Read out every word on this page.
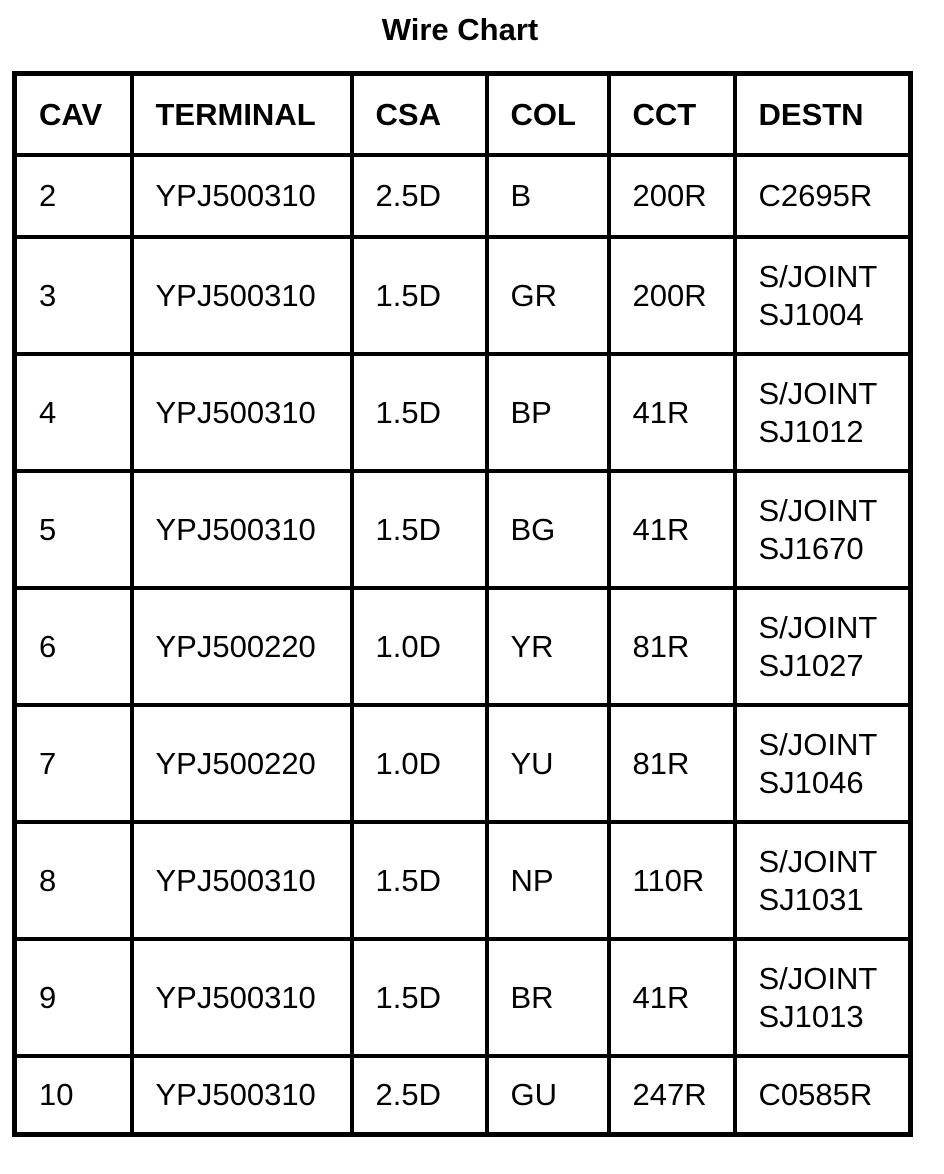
Wire Chart
CAV	TERMINAL	CSA	COL	CCT	DESTN
2	YPJ500310	2.5D	B	200R	C2695R

3	YPJ500310	1.5D	GR	200R	S/JOINT
SJ1004

4	YPJ500310	1.5D	BP	41R	S/JOINT
SJ1012

5	YPJ500310	1.5D	BG	41R	S/JOINT
SJ1670

6	YPJ500220	1.0D	YR	81R	S/JOINT
SJ1027

7	YPJ500220	1.0D	YU	81R	S/JOINT
SJ1046

8	YPJ500310	1.5D	NP	110R	S/JOINT
SJ1031

9	YPJ500310	1.5D	BR	41R	S/JOINT
SJ1013

10	YPJ500310	2.5D	GU	247R	C0585R
